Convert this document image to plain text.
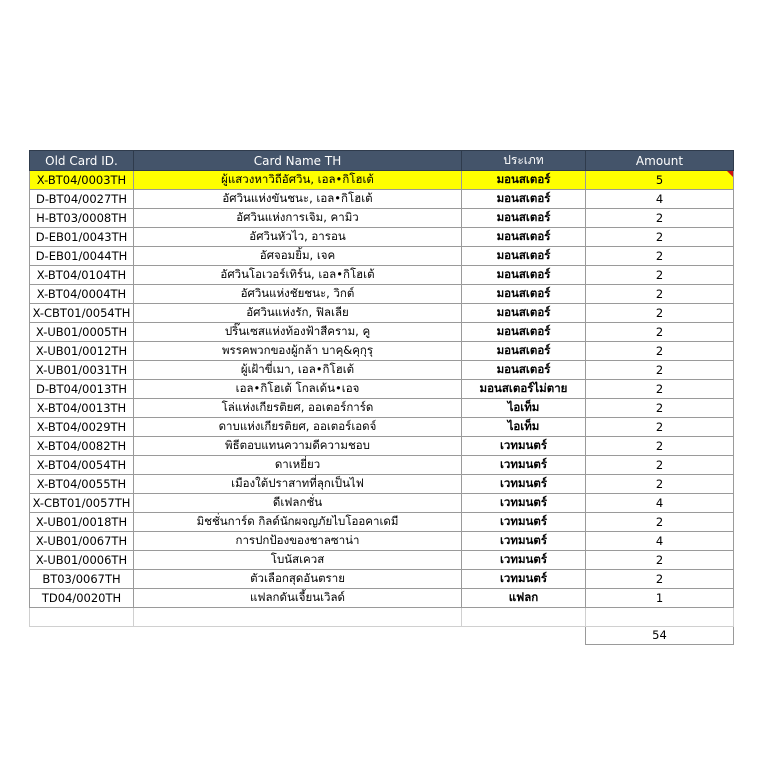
Old Card ID.	Card Name TH	ประเภท	Amount
X-BT04/0003TH	ผู้แสวงหาวิถีอัศวิน, เอล•กิโฮเต้	มอนสเตอร์	5
D-BT04/0027TH	อัศวินแห่งขันชนะ, เอล•กิโฮเต้	มอนสเตอร์	4
H-BT03/0008TH	อัศวินแห่งการเจิม, คามิว	มอนสเตอร์	2
D-EB01/0043TH	อัศวินหัวไว, อารอน	มอนสเตอร์	2
D-EB01/0044TH	อัศจอมยิ้ม, เจค	มอนสเตอร์	2
X-BT04/0104TH	อัศวินโอเวอร์เทิร์น, เอล•กิโฮเต้	มอนสเตอร์	2
X-BT04/0004TH	อัศวินแห่งชัยชนะ, วิกต์	มอนสเตอร์	2
X-CBT01/0054TH	อัศวินแห่งรัก, ฟิลเลีย	มอนสเตอร์	2
X-UB01/0005TH	ปริ๊นเซสแห่งท้องฟ้าสีคราม, คู	มอนสเตอร์	2
X-UB01/0012TH	พรรคพวกของผู้กล้า บาคุ&คุกุรุ	มอนสเตอร์	2
X-UB01/0031TH	ผู้เฝ้าขี่เมา, เอล•กิโฮเต้	มอนสเตอร์	2
D-BT04/0013TH	เอล•กิโฮเต้ โกลเด้น•เอจ	มอนสเตอร์ไม่ตาย	2
X-BT04/0013TH	โล่แห่งเกียรติยศ, ออเตอร์การ์ด	ไอเท็ม	2
X-BT04/0029TH	ดาบแห่งเกียรติยศ, ออเตอร์เอดจ์	ไอเท็ม	2
X-BT04/0082TH	พิธีตอบแทนความดีความชอบ	เวทมนตร์	2
X-BT04/0054TH	ดาเหยี่ยว	เวทมนตร์	2
X-BT04/0055TH	เมืองใต้ปราสาทที่ลุกเป็นไฟ	เวทมนตร์	2
X-CBT01/0057TH	ดีเฟลกชั่น	เวทมนตร์	4
X-UB01/0018TH	มิชชั่นการ์ด กิลด์นักผจญภัยไบโออคาเดมี	เวทมนตร์	2
X-UB01/0067TH	การปกป้องของชาลซาน่า	เวทมนตร์	4
X-UB01/0006TH	โบนัสเควส	เวทมนตร์	2
BT03/0067TH	ตัวเลือกสุดอันตราย	เวทมนตร์	2
TD04/0020TH	แฟลกดันเจี้ยนเวิลด์	แฟลก	1

			54
